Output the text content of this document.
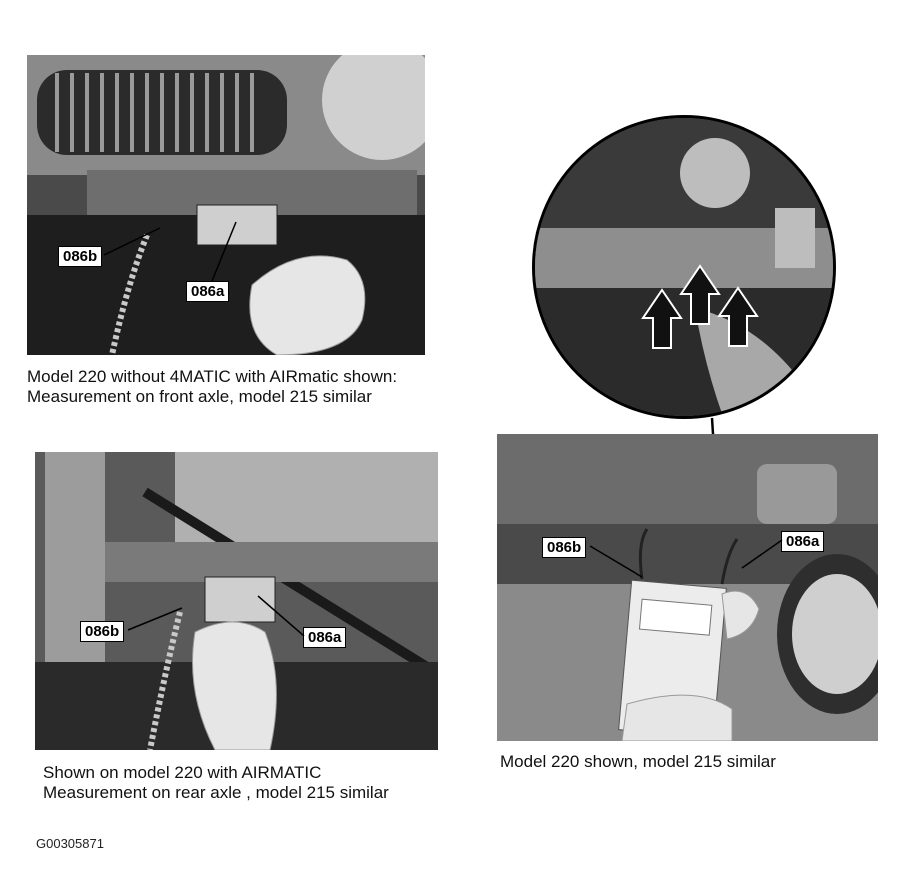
086b
086a
Model 220 without 4MATIC with AIRmatic shown:
Measurement on front axle, model 215 similar
086b	086a
Shown on model 220 with AIRMATIC
Measurement on rear axle , model 215 similar
086b	086a
Model 220 shown, model 215 similar
G00305871
